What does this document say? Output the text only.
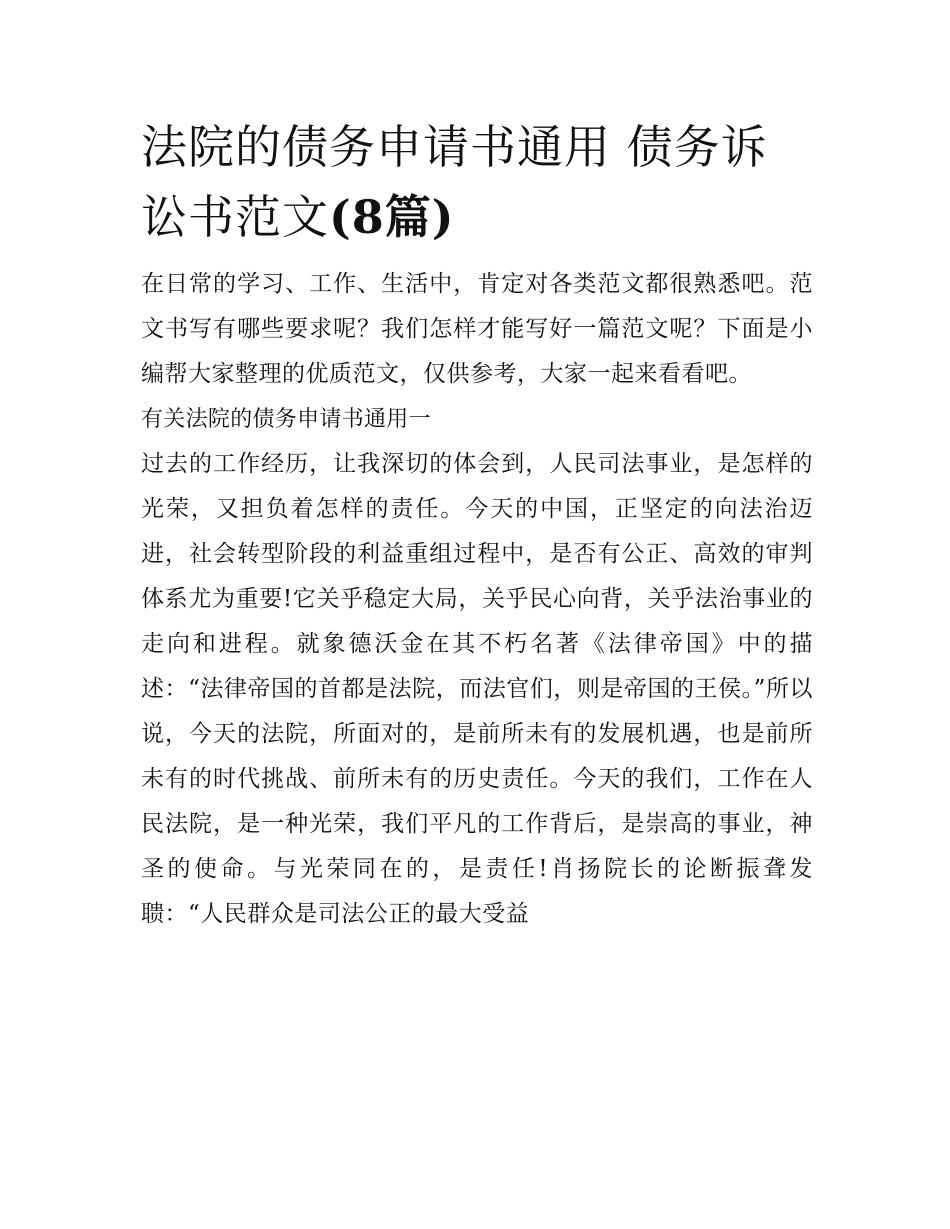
法院的债务申请书通用 债务诉讼书范文(8篇)

在日常的学习、工作、生活中，肯定对各类范文都很熟悉吧。范文书写有哪些要求呢？我们怎样才能写好一篇范文呢？下面是小编帮大家整理的优质范文，仅供参考，大家一起来看看吧。

有关法院的债务申请书通用一

过去的工作经历，让我深切的体会到，人民司法事业，是怎样的光荣，又担负着怎样的责任。今天的中国，正坚定的向法治迈进，社会转型阶段的利益重组过程中，是否有公正、高效的审判体系尤为重要!它关乎稳定大局，关乎民心向背，关乎法治事业的走向和进程。就象德沃金在其不朽名著《法律帝国》中的描述：“法律帝国的首都是法院，而法官们，则是帝国的王侯。”所以说，今天的法院，所面对的，是前所未有的发展机遇，也是前所未有的时代挑战、前所未有的历史责任。今天的我们，工作在人民法院，是一种光荣，我们平凡的工作背后，是崇高的事业，神圣的使命。与光荣同在的，是责任!肖扬院长的论断振聋发聩：“人民群众是司法公正的最大受益
